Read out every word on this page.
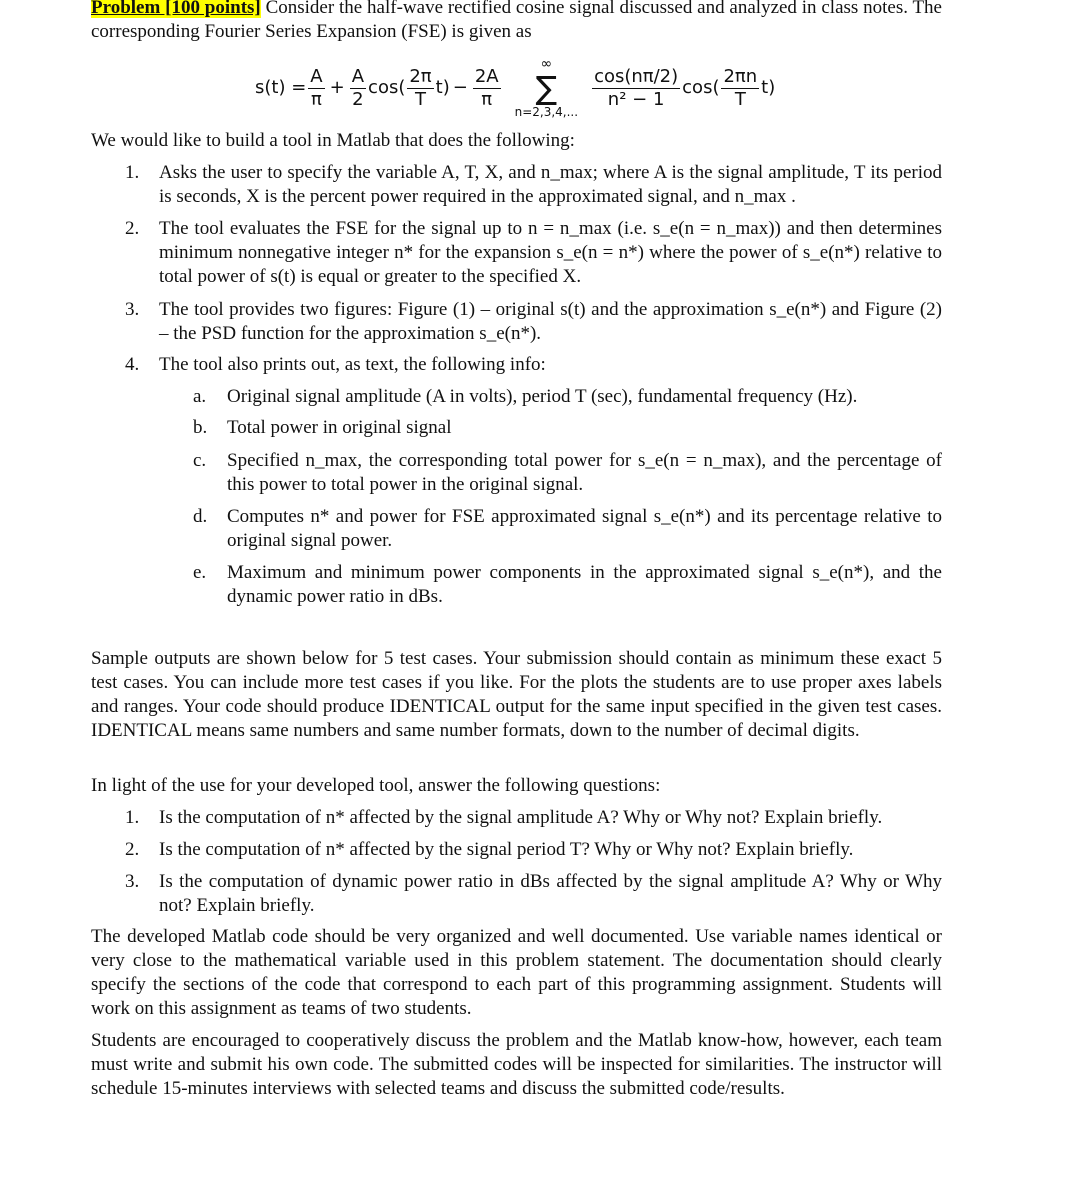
Problem [100 points] Consider the half-wave rectified cosine signal discussed and analyzed in class notes. The corresponding Fourier Series Expansion (FSE) is given as
$s(t) = \frac{A}{\pi} + \frac{A}{2} \cos( \frac{2\pi}{T} t) - \frac{2A}{\pi}$
∞
∑
n=2,3,4,...
$\frac{\cos(n\pi/2)}{\text{n² − 1}} \cos( \frac{2\pi n}{T} t)$
We would like to build a tool in Matlab that does the following:
1. Asks the user to specify the variable A, T, X, and n_max; where A is the signal amplitude, T its period is seconds, X is the percent power required in the approximated signal, and n_max .
2. The tool evaluates the FSE for the signal up to n = n_max (i.e. s_e(n = n_max)) and then determines minimum nonnegative integer n* for the expansion s_e(n = n*) where the power of s_e(n*) relative to total power of s(t) is equal or greater to the specified X.
3. The tool provides two figures: Figure (1) – original s(t) and the approximation s_e(n*) and Figure (2) – the PSD function for the approximation s_e(n*).
4. The tool also prints out, as text, the following info:
a. Original signal amplitude (A in volts), period T (sec), fundamental frequency (Hz).
b. Total power in original signal
c. Specified n_max, the corresponding total power for s_e(n = n_max), and the percentage of this power to total power in the original signal.
d. Computes n* and power for FSE approximated signal s_e(n*) and its percentage relative to original signal power.
e. Maximum and minimum power components in the approximated signal s_e(n*), and the dynamic power ratio in dBs.
Sample outputs are shown below for 5 test cases. Your submission should contain as minimum these exact 5 test cases. You can include more test cases if you like. For the plots the students are to use proper axes labels and ranges. Your code should produce IDENTICAL output for the same input specified in the given test cases. IDENTICAL means same numbers and same number formats, down to the number of decimal digits.
In light of the use for your developed tool, answer the following questions:
1. Is the computation of n* affected by the signal amplitude A? Why or Why not? Explain briefly.
2. Is the computation of n* affected by the signal period T? Why or Why not? Explain briefly.
3. Is the computation of dynamic power ratio in dBs affected by the signal amplitude A? Why or Why not? Explain briefly.
The developed Matlab code should be very organized and well documented. Use variable names identical or very close to the mathematical variable used in this problem statement. The documentation should clearly specify the sections of the code that correspond to each part of this programming assignment. Students will work on this assignment as teams of two students.
Students are encouraged to cooperatively discuss the problem and the Matlab know-how, however, each team must write and submit his own code. The submitted codes will be inspected for similarities. The instructor will schedule 15-minutes interviews with selected teams and discuss the submitted code/results.
